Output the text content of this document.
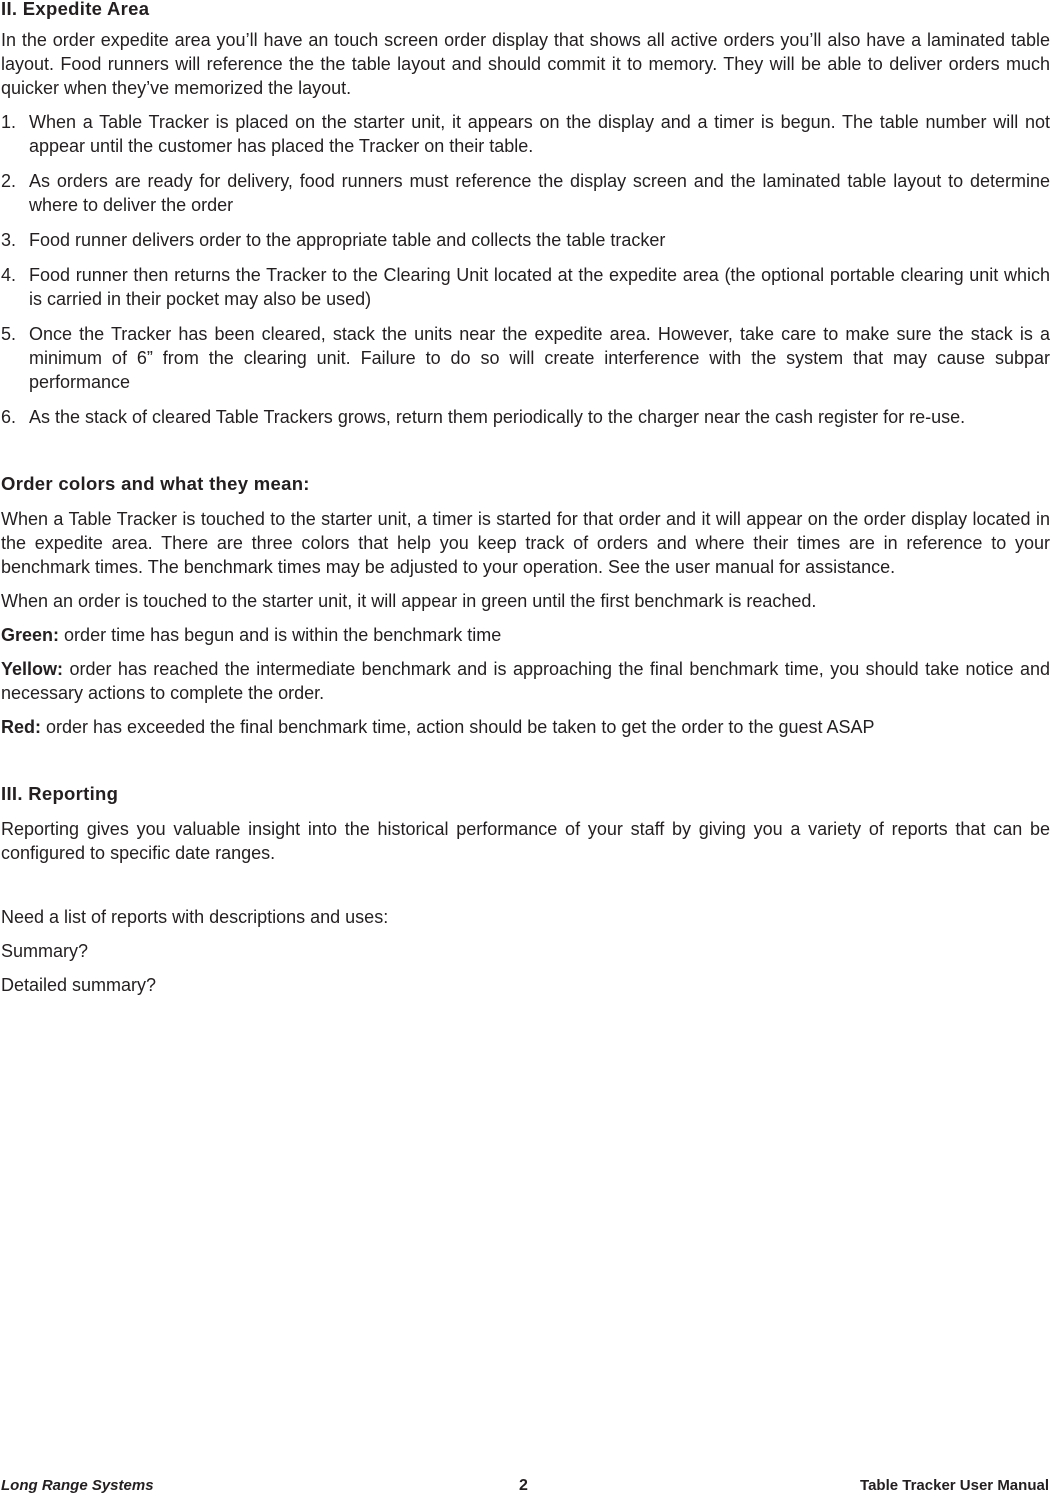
II. Expedite Area

In the order expedite area you’ll have an touch screen order display that shows all active orders you’ll also have a laminated table layout. Food runners will reference the the table layout and should commit it to memory. They will be able to deliver orders much quicker when they’ve memorized the layout.

1. When a Table Tracker is placed on the starter unit, it appears on the display and a timer is begun. The table number will not appear until the customer has placed the Tracker on their table.
2. As orders are ready for delivery, food runners must reference the display screen and the laminated table layout to determine where to deliver the order
3. Food runner delivers order to the appropriate table and collects the table tracker
4. Food runner then returns the Tracker to the Clearing Unit located at the expedite area (the optional portable clearing unit which is carried in their pocket may also be used)
5. Once the Tracker has been cleared, stack the units near the expedite area. However, take care to make sure the stack is a minimum of 6” from the clearing unit. Failure to do so will create interference with the system that may cause subpar performance
6. As the stack of cleared Table Trackers grows, return them periodically to the charger near the cash register for re-use.
Order colors and what they mean:

When a Table Tracker is touched to the starter unit, a timer is started for that order and it will appear on the order display located in the expedite area. There are three colors that help you keep track of orders and where their times are in reference to your benchmark times. The benchmark times may be adjusted to your operation. See the user manual for assistance.

When an order is touched to the starter unit, it will appear in green until the first benchmark is reached.

Green: order time has begun and is within the benchmark time

Yellow: order has reached the intermediate benchmark and is approaching the final benchmark time, you should take notice and necessary actions to complete the order.

Red: order has exceeded the final benchmark time, action should be taken to get the order to the guest ASAP

III. Reporting

Reporting gives you valuable insight into the historical performance of your staff by giving you a variety of reports that can be configured to specific date ranges.

Need a list of reports with descriptions and uses:

Summary?

Detailed summary?

Long Range Systems	2	Table Tracker User Manual
